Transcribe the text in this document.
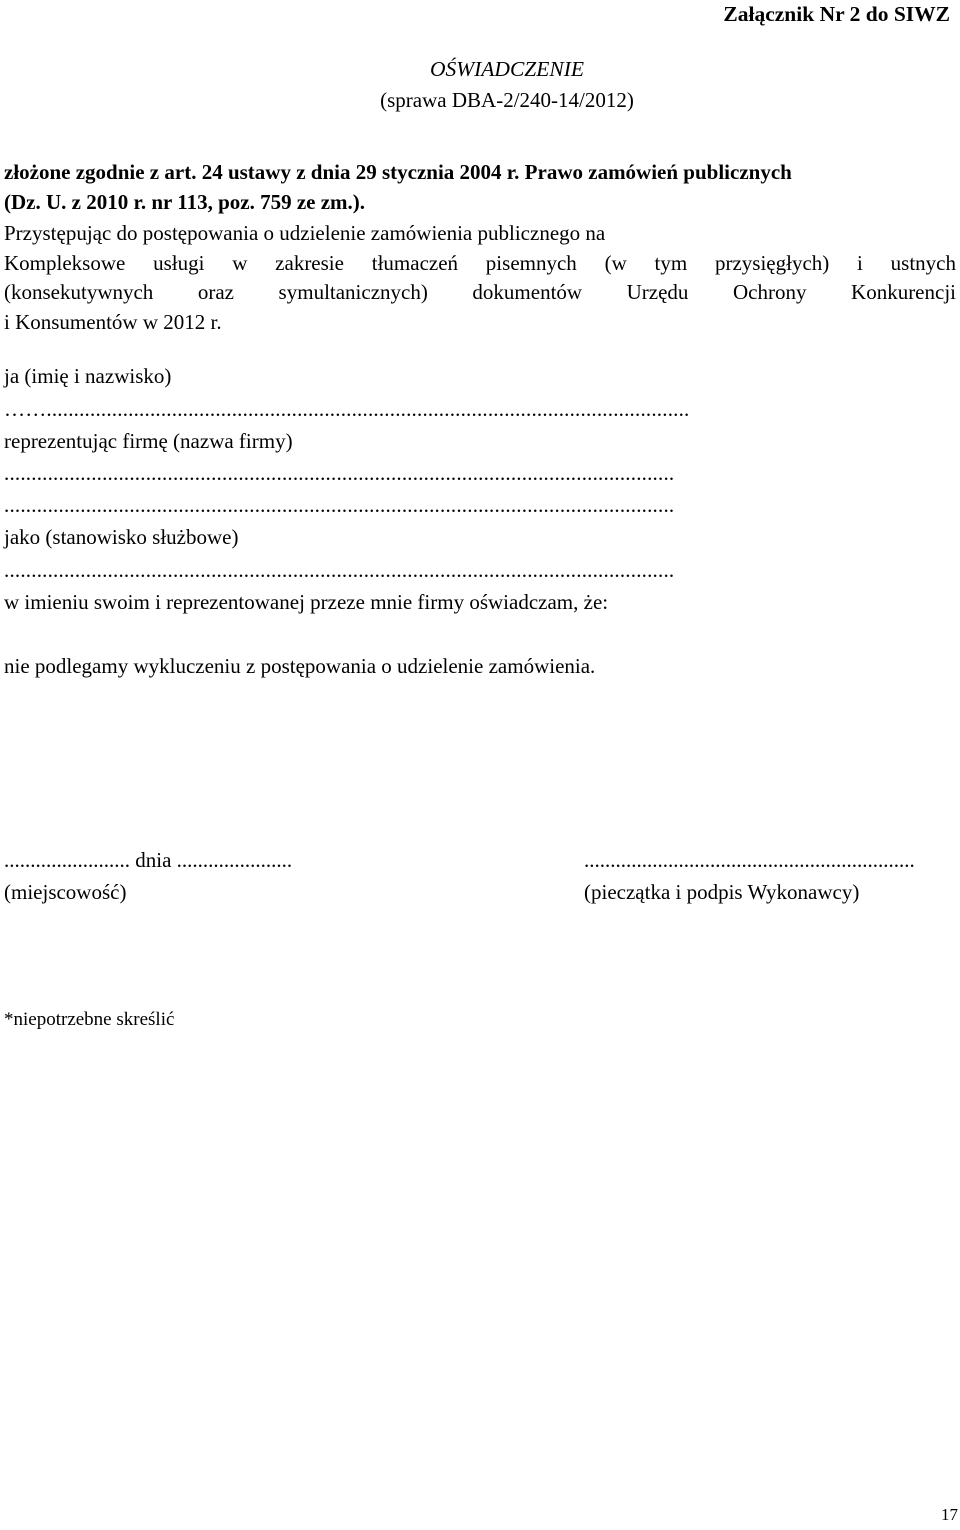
Załącznik Nr 2 do SIWZ
OŚWIADCZENIE
(sprawa DBA-2/240-14/2012)
złożone zgodnie z art. 24 ustawy z dnia 29 stycznia 2004 r. Prawo zamówień publicznych
(Dz. U. z 2010 r. nr 113, poz. 759 ze zm.).
Przystępując do postępowania o udzielenie zamówienia publicznego na
Kompleksowe usługi w zakresie tłumaczeń pisemnych (w tym przysięgłych) i ustnych
(konsekutywnych oraz symultanicznych) dokumentów Urzędu Ochrony Konkurencji
i Konsumentów w 2012 r.
ja (imię i nazwisko)
……......................................................................................................................
reprezentując firmę (nazwa firmy)
...........................................................................................................................
...........................................................................................................................
jako (stanowisko służbowe)
...........................................................................................................................
w imieniu swoim i reprezentowanej przeze mnie firmy oświadczam, że:
nie podlegamy wykluczeniu z postępowania o udzielenie zamówienia.
........................ dnia ......................
(miejscowość)
...............................................................
(pieczątka i podpis Wykonawcy)
*niepotrzebne skreślić
17
